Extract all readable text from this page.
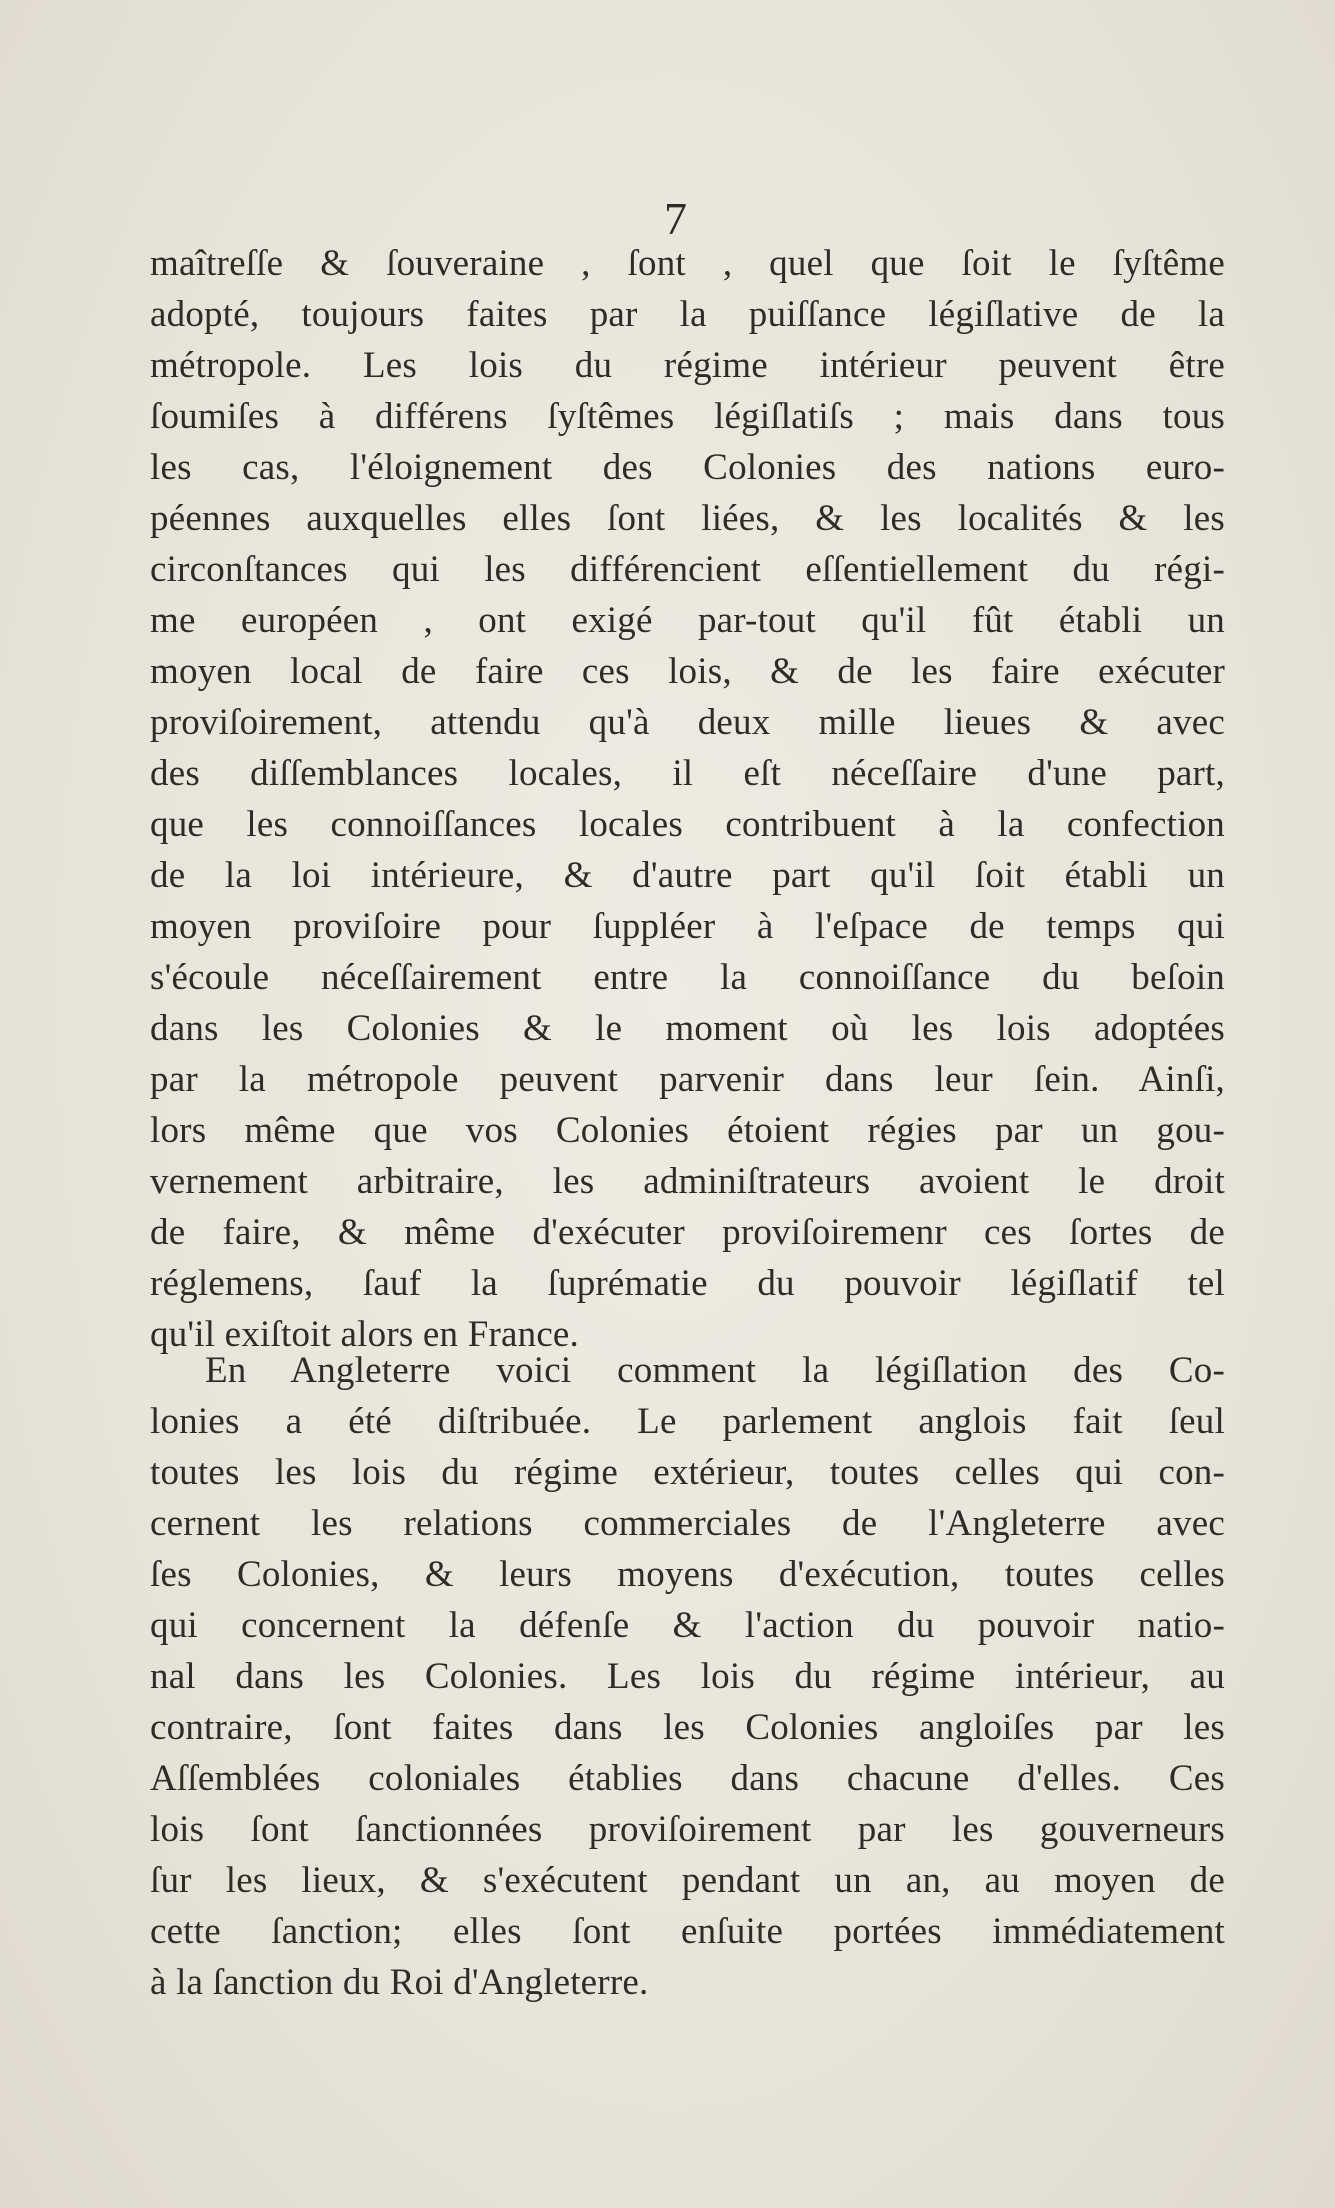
7
maîtreſſe & ſouveraine , ſont , quel que ſoit le ſyſtême
adopté, toujours faites par la puiſſance légiſlative de la
métropole. Les lois du régime intérieur peuvent être
ſoumiſes à différens ſyſtêmes légiſlatiſs ; mais dans tous
les cas, l'éloignement des Colonies des nations euro-
péennes auxquelles elles ſont liées, & les localités & les
circonſtances qui les différencient eſſentiellement du régi-
me européen , ont exigé par-tout qu'il fût établi un
moyen local de faire ces lois, & de les faire exécuter
proviſoirement, attendu qu'à deux mille lieues & avec
des diſſemblances locales, il eſt néceſſaire d'une part,
que les connoiſſances locales contribuent à la confection
de la loi intérieure, & d'autre part qu'il ſoit établi un
moyen proviſoire pour ſuppléer à l'eſpace de temps qui
s'écoule néceſſairement entre la connoiſſance du beſoin
dans les Colonies & le moment où les lois adoptées
par la métropole peuvent parvenir dans leur ſein. Ainſi,
lors même que vos Colonies étoient régies par un gou-
vernement arbitraire, les adminiſtrateurs avoient le droit
de faire, & même d'exécuter proviſoiremenr ces ſortes de
réglemens, ſauf la ſuprématie du pouvoir légiſlatif tel
qu'il exiſtoit alors en France.
En Angleterre voici comment la légiſlation des Co-
lonies a été diſtribuée. Le parlement anglois fait ſeul
toutes les lois du régime extérieur, toutes celles qui con-
cernent les relations commerciales de l'Angleterre avec
ſes Colonies, & leurs moyens d'exécution, toutes celles
qui concernent la défenſe & l'action du pouvoir natio-
nal dans les Colonies. Les lois du régime intérieur, au
contraire, ſont faites dans les Colonies angloiſes par les
Aſſemblées coloniales établies dans chacune d'elles. Ces
lois ſont ſanctionnées proviſoirement par les gouverneurs
ſur les lieux, & s'exécutent pendant un an, au moyen de
cette ſanction; elles ſont enſuite portées immédiatement
à la ſanction du Roi d'Angleterre.
